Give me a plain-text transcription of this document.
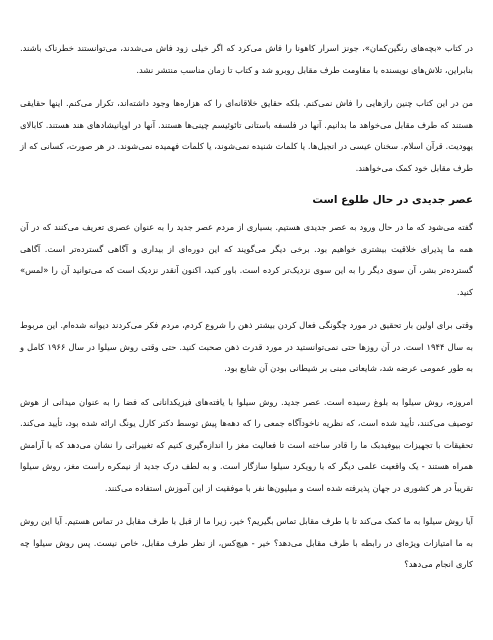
در کتاب «بچه‌های رنگین‌کمان»، جونز اسرار کاهونا را فاش می‌کرد که اگر خیلی زود فاش می‌شدند، می‌توانستند خطرناک باشند. بنابراین، تلاش‌های نویسنده با مقاومت طرف مقابل روبرو شد و کتاب تا زمان مناسب منتشر نشد.

من در این کتاب چنین رازهایی را فاش نمی‌کنم. بلکه حقایق خلاقانه‌ای را که هزاره‌ها وجود داشته‌اند، تکرار می‌کنم. اینها حقایقی هستند که طرف مقابل می‌خواهد ما بدانیم. آنها در فلسفه باستانی تائوئیسم چینی‌ها هستند. آنها در اوپانیشادهای هند هستند. کابالای یهودیت. قرآن اسلام. سخنان عیسی در انجیل‌ها. یا کلمات شنیده نمی‌شوند، یا کلمات فهمیده نمی‌شوند. در هر صورت، کسانی که از طرف مقابل خود کمک می‌خواهند.

عصر جدیدی در حال طلوع است

گفته می‌شود که ما در حال ورود به عصر جدیدی هستیم. بسیاری از مردم عصر جدید را به عنوان عصری تعریف می‌کنند که در آن همه ما پذیرای خلاقیت بیشتری خواهیم بود. برخی دیگر می‌گویند که این دوره‌ای از بیداری و آگاهی گسترده‌تر است. آگاهی گسترده‌تر بشر، آن سوی دیگر را به این سوی نزدیک‌تر کرده است. باور کنید، اکنون آنقدر نزدیک است که می‌توانید آن را «لمس» کنید.

وقتی برای اولین بار تحقیق در مورد چگونگی فعال کردن بیشتر ذهن را شروع کردم، مردم فکر می‌کردند دیوانه شده‌ام. این مربوط به سال ۱۹۴۴ است. در آن روزها حتی نمی‌توانستید در مورد قدرت ذهن صحبت کنید. حتی وقتی روش سیلوا در سال ۱۹۶۶ کامل و به طور عمومی عرضه شد، شایعاتی مبنی بر شیطانی بودن آن شایع بود.

امروزه، روش سیلوا به بلوغ رسیده است. عصر جدید. روش سیلوا با یافته‌های فیزیکدانانی که فضا را به عنوان میدانی از هوش توصیف می‌کنند، تأیید شده است، که نظریه ناخودآگاه جمعی را که دهه‌ها پیش توسط دکتر کارل یونگ ارائه شده بود، تأیید می‌کند. تحقیقات با تجهیزات بیوفیدبک ما را قادر ساخته است تا فعالیت مغز را اندازه‌گیری کنیم که تغییراتی را نشان می‌دهد که با آرامش همراه هستند - یک واقعیت علمی دیگر که با رویکرد سیلوا سازگار است. و به لطف درک جدید از نیمکره راست مغز، روش سیلوا تقریباً در هر کشوری در جهان پذیرفته شده است و میلیون‌ها نفر با موفقیت از این آموزش استفاده می‌کنند.

آیا روش سیلوا به ما کمک می‌کند تا با طرف مقابل تماس بگیریم؟ خیر، زیرا ما از قبل با طرف مقابل در تماس هستیم. آیا این روش به ما امتیازات ویژه‌ای در رابطه با طرف مقابل می‌دهد؟ خیر - هیچ‌کس، از نظر طرف مقابل، خاص نیست. پس روش سیلوا چه کاری انجام می‌دهد؟
